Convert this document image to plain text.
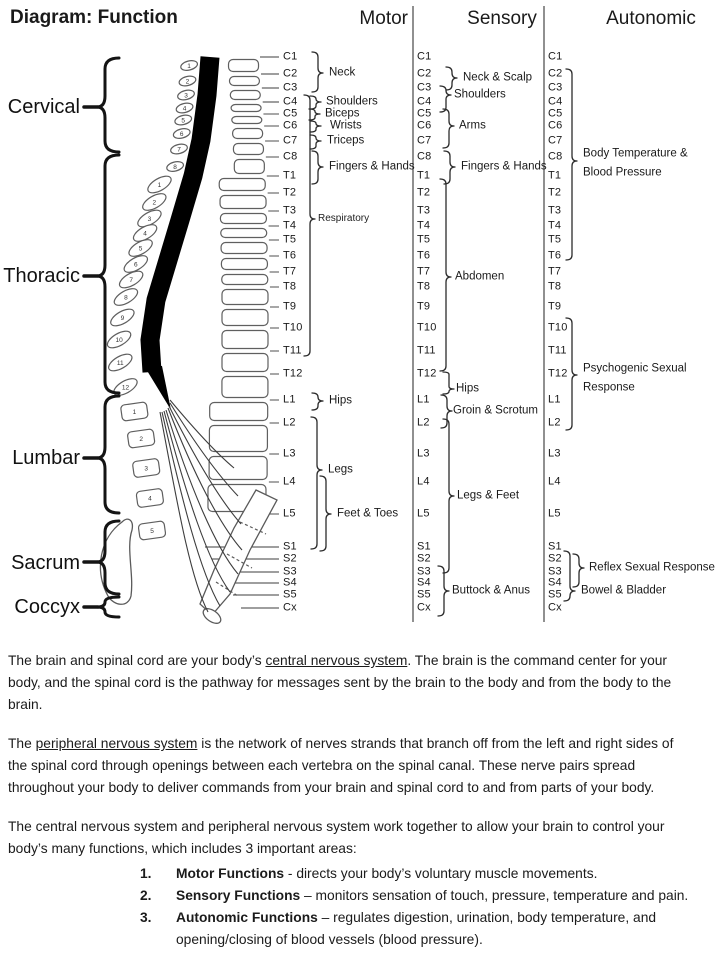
1
2
3
4
5
6
7
8
1
2
3
4
5
6
7
8
9
10
11
12
1
2
3
4
5
Diagram: Function	Motor	Sensory	Autonomic
C1	C1	C1
C2	C2	C2
C3	C3	C3
C4	C4	C4
C5	C5	C5
C6	C6	C6
C7	C7	C7
C8	C8	C8
T1	T1	T1
T2	T2	T2
T3	T3	T3
T4	T4	T4
T5	T5	T5
T6	T6	T6
T7	T7	T7
T8	T8	T8
T9	T9	T9
T10	T10	T10
T11	T11	T11
T12	T12	T12
L1	L1	L1
L2	L2	L2
L3	L3	L3
L4	L4	L4
L5	L5	L5
S1	S1	S1
S2	S2	S2
S3	S3	S3
S4	S4	S4
S5	S5	S5
Cx	Cx	Cx
Cervical
Thoracic
Lumbar
Sacrum
Coccyx
Neck
Shoulders
Biceps
Wrists
Triceps
Fingers & Hands
Respiratory
Hips
Legs
Feet & Toes
Neck & Scalp
Shoulders
Arms
Fingers & Hands
Abdomen
Hips
Groin & Scrotum
Legs & Feet
Buttock & Anus
Body Temperature &
Blood Pressure
Psychogenic Sexual
Response
Bowel & Bladder
Reflex Sexual Response

The brain and spinal cord are your body’s central nervous system. The brain is the command center for your body, and the spinal cord is the pathway for messages sent by the brain to the body and from the body to the brain.

The peripheral nervous system is the network of nerves strands that branch off from the left and right sides of the spinal cord through openings between each vertebra on the spinal canal. These nerve pairs spread throughout your body to deliver commands from your brain and spinal cord to and from parts of your body.

The central nervous system and peripheral nervous system work together to allow your brain to control your body’s many functions, which includes 3 important areas:

1.	Motor Functions - directs your body’s voluntary muscle movements.
2.	Sensory Functions – monitors sensation of touch, pressure, temperature and pain.
3.	Autonomic Functions – regulates digestion, urination, body temperature, and
opening/closing of blood vessels (blood pressure).
